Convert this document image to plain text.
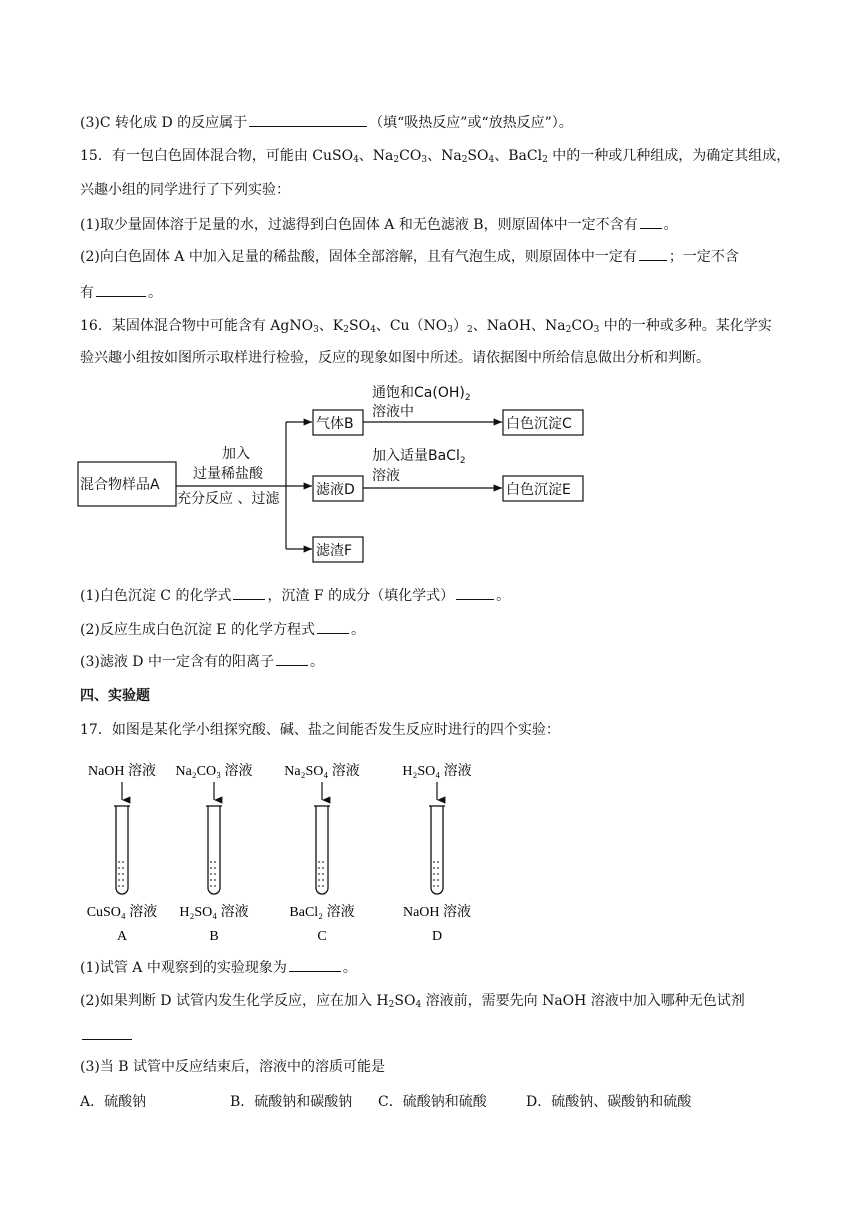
(3)C 转化成 D 的反应属于	（填“吸热反应”或“放热反应”）。
15．有一包白色固体混合物，可能由 CuSO$_4$、$Na_2CO_3$、$Na_2SO_4$、BaCl$_2$ 中的一种或几种组成，为确定其组成，
兴趣小组的同学进行了下列实验：
(1)取少量固体溶于足量的水，过滤得到白色固体 A 和无色滤液 B，则原固体中一定不含有 。
(2)向白色固体 A 中加入足量的稀盐酸，固体全部溶解，且有气泡生成，则原固体中一定有 ；一定不含
有	。
16．某固体混合物中可能含有 AgNO$_3$、$K_2SO_4$、$Cu(NO_3)_2$、NaOH、$Na_2CO_3$ 中的一种或多种。某化学实
验兴趣小组按如图所示取样进行检验，反应的现象如图中所述。请依据图中所给信息做出分析和判断。
混合物样品A
加入
过量稀盐酸
充分反应 、过滤
气体B
滤液D
滤渣F
通饱和$Ca(OH)_2$
溶液中
加入适量BaCl$_2$
溶液
白色沉淀C
白色沉淀E
(1)白色沉淀 C 的化学式	，沉渣 F 的成分（填化学式）	。
(2)反应生成白色沉淀 E 的化学方程式	。
(3)滤液 D 中一定含有的阳离子	。
四、实验题
17．如图是某化学小组探究酸、碱、盐之间能否发生反应时进行的四个实验：
NaOH 溶液
CuSO₄ 溶液
A
Na₂CO₃ 溶液
H₂SO₄ 溶液
B
Na₂SO₄ 溶液
BaCl₂ 溶液
C
H₂SO₄ 溶液
NaOH 溶液
D
(1)试管 A 中观察到的实验现象为	。
(2)如果判断 D 试管内发生化学反应，应在加入 $H_2SO_4$ 溶液前，需要先向 NaOH 溶液中加入哪种无色试剂
(3)当 B 试管中反应结束后，溶液中的溶质可能是
A．硫酸钠	B．硫酸钠和碳酸钠 C．硫酸钠和硫酸	D．硫酸钠、碳酸钠和硫酸
